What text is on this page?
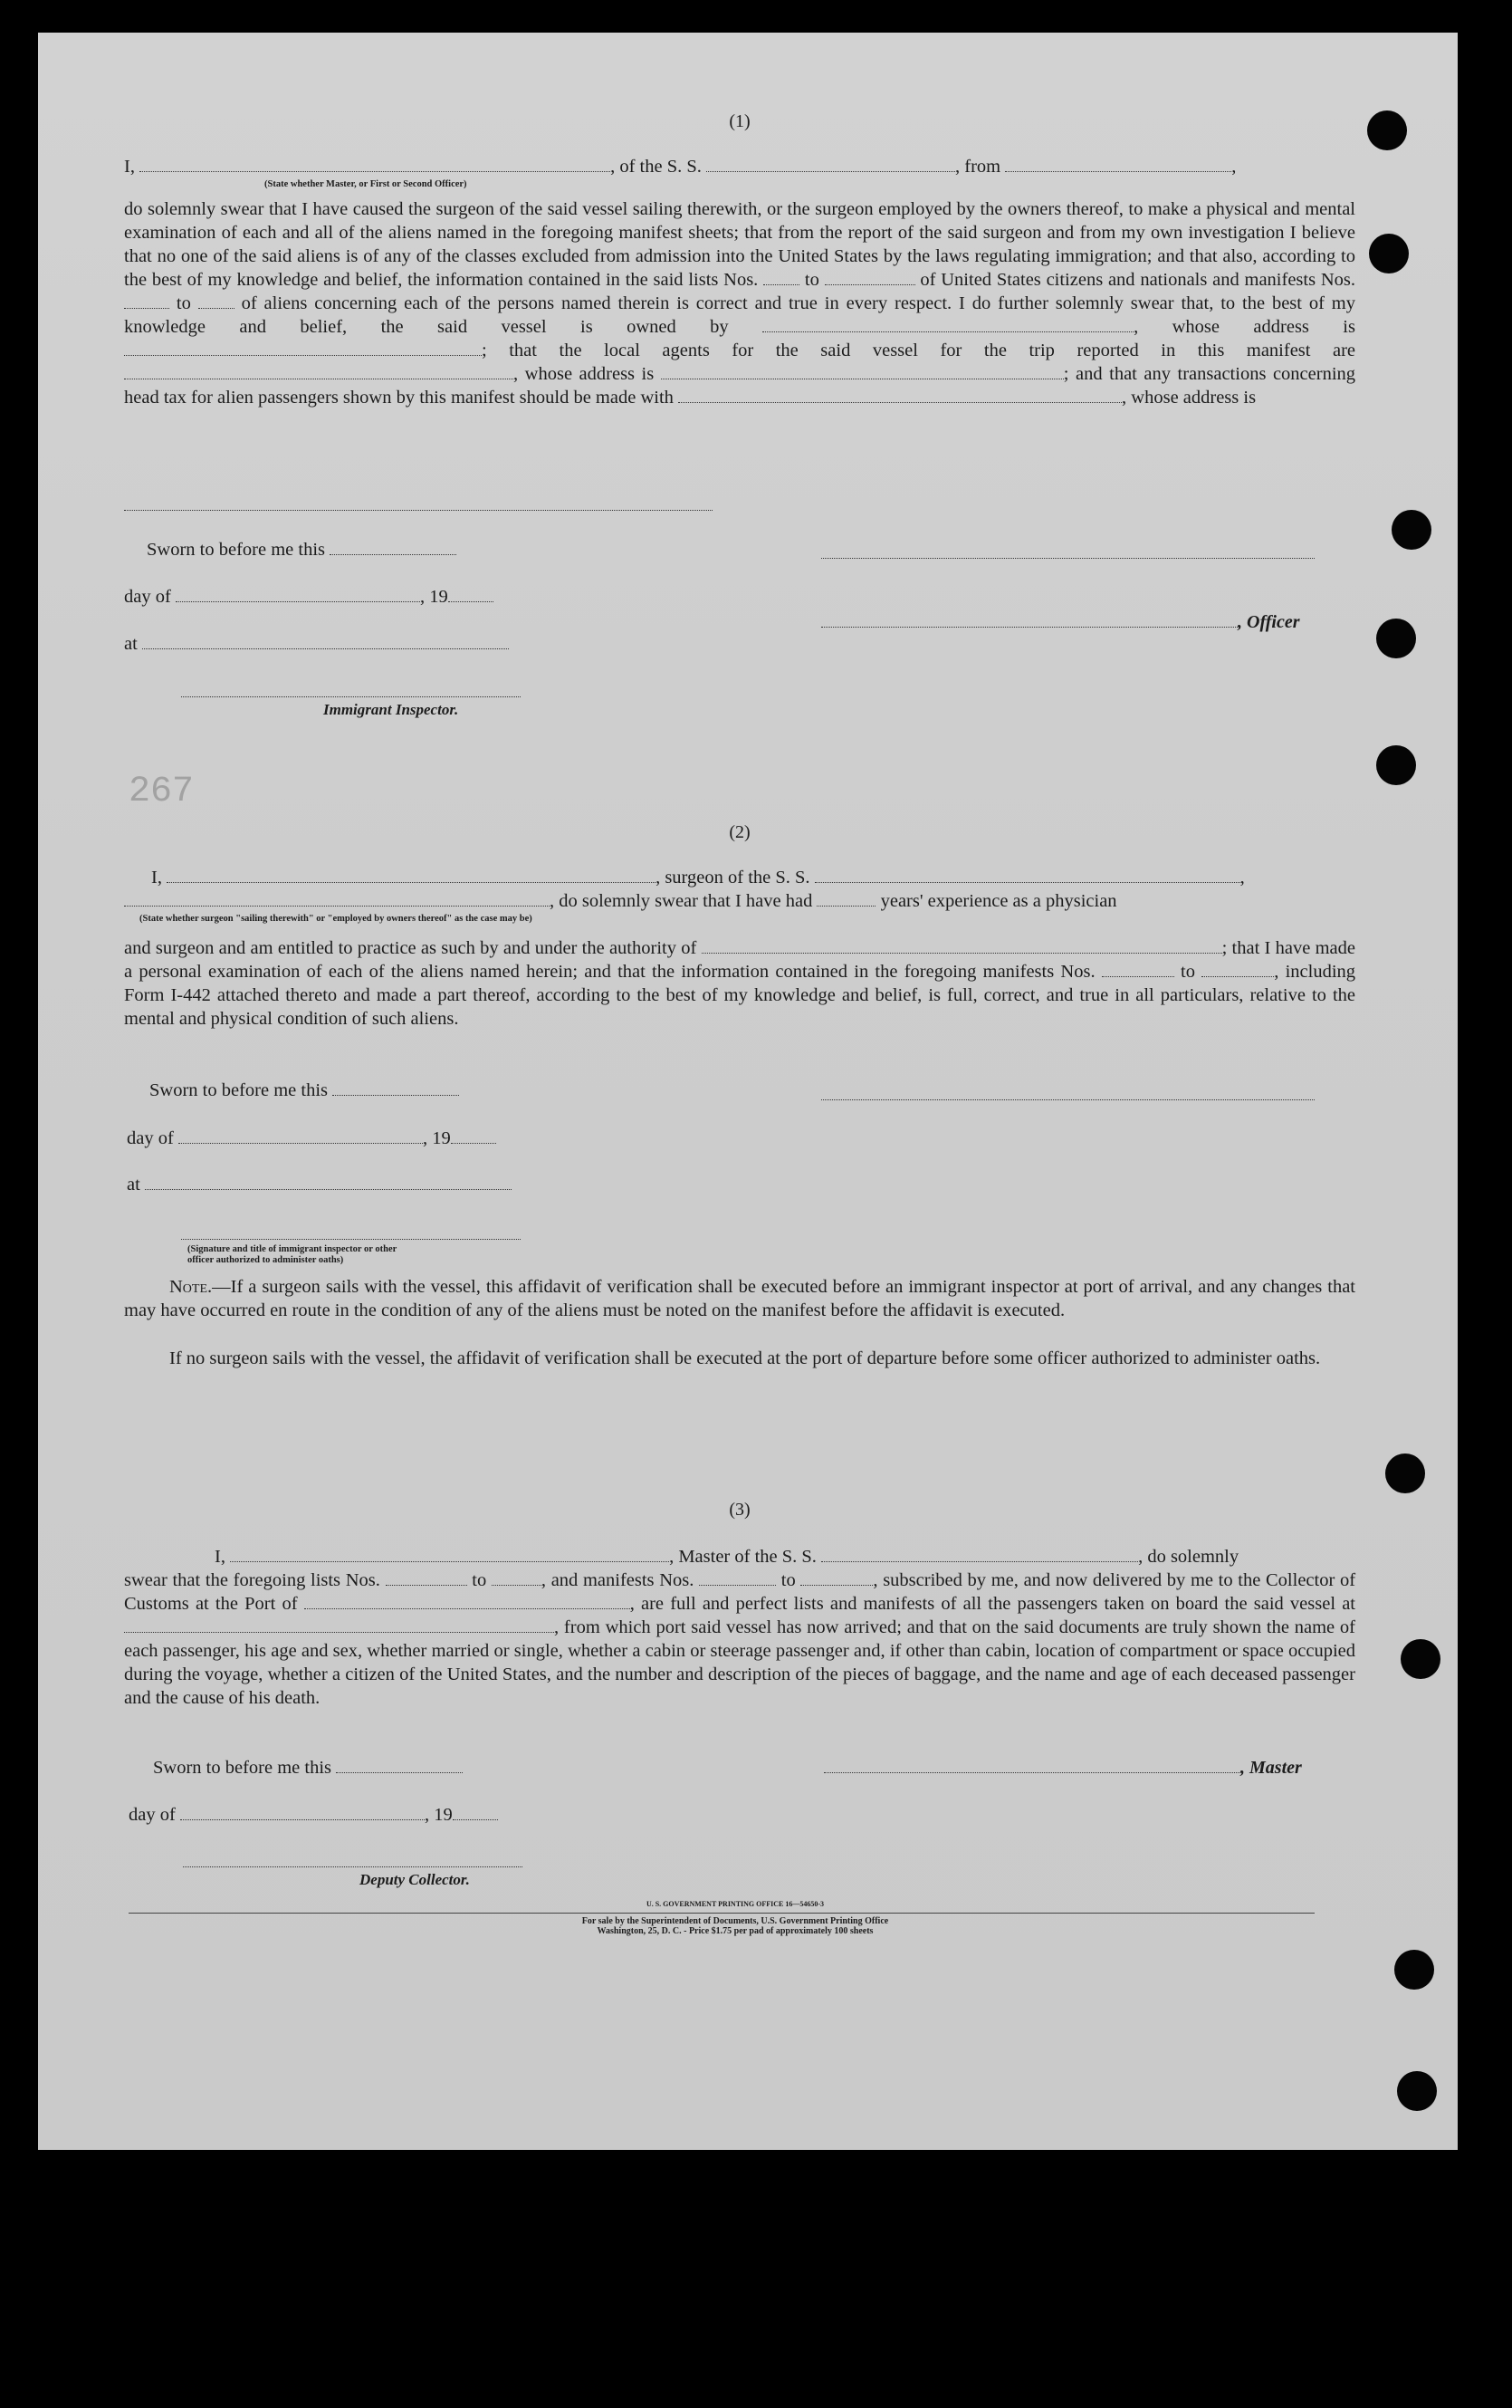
267
(1)
I,	, of the S. S.	, from	,
(State whether Master, or First or Second Officer)
do solemnly swear that I have caused the surgeon of the said vessel sailing therewith, or the surgeon employed by the owners thereof, to make a physical and mental examination of each and all of the aliens named in the foregoing manifest sheets; that from the report of the said surgeon and from my own investigation I believe that no one of the said aliens is of any of the classes excluded from admission into the United States by the laws regulating immigration; and that also, according to the best of my knowledge and belief, the information contained in the said lists Nos.	to	of United States citizens and nationals and manifests Nos.  to	of aliens concerning each of the persons named therein is correct and true in every respect. I do further solemnly swear that, to the best of my knowledge and belief, the said vessel is owned by	, whose address is ; that the local agents for the said vessel for the trip reported in this manifest are , whose address is	; and that any transactions concerning head tax for alien passengers shown by this manifest should be made with	, whose address is
Sworn to before me this
day of	, 19
at
Immigrant Inspector.
, Officer
(2)
I,	, surgeon of the S. S.	,
, do solemnly swear that I have had	years' experience as a physician
(State whether surgeon "sailing therewith" or "employed by owners thereof" as the case may be)
and surgeon and am entitled to practice as such by and under the authority of	; that I have made a personal examination of each of the aliens named herein; and that the information contained in the foregoing manifests Nos.	to	, including Form I-442 attached thereto and made a part thereof, according to the best of my knowledge and belief, is full, correct, and true in all particulars, relative to the mental and physical condition of such aliens.
Sworn to before me this
day of	, 19
at
(Signature and title of immigrant inspector or other officer authorized to administer oaths)
Note.—If a surgeon sails with the vessel, this affidavit of verification shall be executed before an immigrant inspector at port of arrival, and any changes that may have occurred en route in the condition of any of the aliens must be noted on the manifest before the affidavit is executed.
If no surgeon sails with the vessel, the affidavit of verification shall be executed at the port of departure before some officer authorized to administer oaths.
(3)
I,	, Master of the S. S.	, do solemnly
swear that the foregoing lists Nos.	to	, and manifests Nos.	to	, subscribed by me, and now delivered by me to the Collector of Customs at the Port of	, are full and perfect lists and manifests of all the passengers taken on board the said vessel at , from which port said vessel has now arrived; and that on the said documents are truly shown the name of each passenger, his age and sex, whether married or single, whether a cabin or steerage passenger and, if other than cabin, location of compartment or space occupied during the voyage, whether a citizen of the United States, and the number and description of the pieces of baggage, and the name and age of each deceased passenger and the cause of his death.
Sworn to before me this	, Master
day of	, 19
Deputy Collector.
U. S. GOVERNMENT PRINTING OFFICE 16—54650-3
For sale by the Superintendent of Documents, U.S. Government Printing Office
Washington, 25, D. C. - Price $1.75 per pad of approximately 100 sheets
